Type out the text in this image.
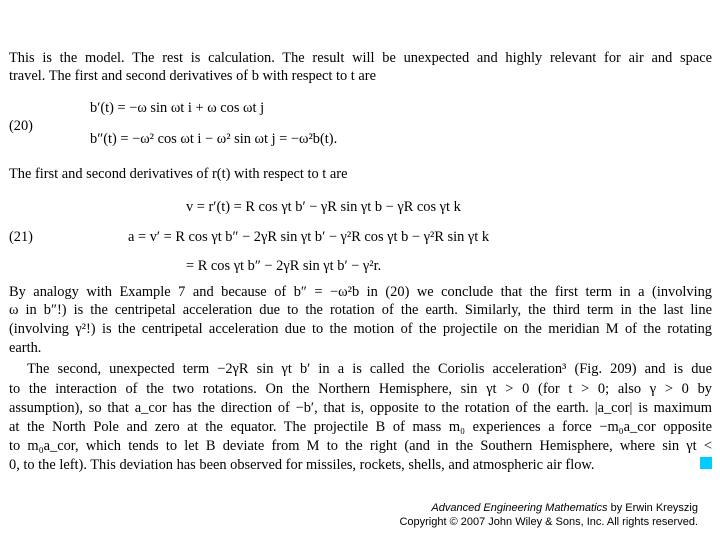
This is the model. The rest is calculation. The result will be unexpected and highly relevant for air and space
travel. The first and second derivatives of b with respect to t are
(20)
b′(t) = −ω sin ωt i + ω cos ωt j
b″(t) = −ω² cos ωt i − ω² sin ωt j = −ω²b(t).
The first and second derivatives of r(t) with respect to t are
v = r′(t) = R cos γt b′ − γR sin γt b − γR cos γt k
(21)	a = v′ = R cos γt b″ − 2γR sin γt b′ − γ²R cos γt b − γ²R sin γt k
= R cos γt b″ − 2γR sin γt b′ − γ²r.
By analogy with Example 7 and because of b″ = −ω²b in (20) we conclude that the first term in a (involving
ω in b″!) is the centripetal acceleration due to the rotation of the earth. Similarly, the third term in the last line
(involving γ²!) is the centripetal acceleration due to the motion of the projectile on the meridian M of the rotating
earth.
The second, unexpected term −2γR sin γt b′ in a is called the Coriolis acceleration³ (Fig. 209) and is due
to the interaction of the two rotations. On the Northern Hemisphere, sin γt > 0 (for t > 0; also γ > 0 by
assumption), so that a_cor has the direction of −b′, that is, opposite to the rotation of the earth. |a_cor| is maximum
at the North Pole and zero at the equator. The projectile B of mass m₀ experiences a force −m₀a_cor opposite
to m₀a_cor, which tends to let B deviate from M to the right (and in the Southern Hemisphere, where sin γt <
0, to the left). This deviation has been observed for missiles, rockets, shells, and atmospheric air flow.
Advanced Engineering Mathematics by Erwin Kreyszig
Copyright © 2007 John Wiley & Sons, Inc. All rights reserved.
